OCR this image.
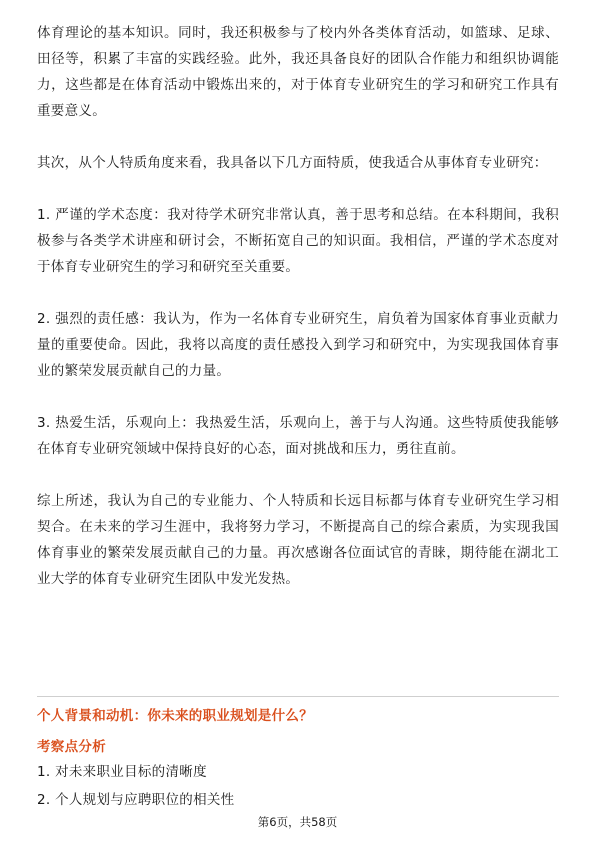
体育理论的基本知识。同时，我还积极参与了校内外各类体育活动，如篮球、足球、田径等，积累了丰富的实践经验。此外，我还具备良好的团队合作能力和组织协调能力，这些都是在体育活动中锻炼出来的，对于体育专业研究生的学习和研究工作具有重要意义。

其次，从个人特质角度来看，我具备以下几方面特质，使我适合从事体育专业研究：

1. 严谨的学术态度：我对待学术研究非常认真，善于思考和总结。在本科期间，我积极参与各类学术讲座和研讨会，不断拓宽自己的知识面。我相信，严谨的学术态度对于体育专业研究生的学习和研究至关重要。

2. 强烈的责任感：我认为，作为一名体育专业研究生，肩负着为国家体育事业贡献力量的重要使命。因此，我将以高度的责任感投入到学习和研究中，为实现我国体育事业的繁荣发展贡献自己的力量。

3. 热爱生活，乐观向上：我热爱生活，乐观向上，善于与人沟通。这些特质使我能够在体育专业研究领域中保持良好的心态，面对挑战和压力，勇往直前。

综上所述，我认为自己的专业能力、个人特质和长远目标都与体育专业研究生学习相契合。在未来的学习生涯中，我将努力学习，不断提高自己的综合素质，为实现我国体育事业的繁荣发展贡献自己的力量。再次感谢各位面试官的青睐，期待能在湖北工业大学的体育专业研究生团队中发光发热。

个人背景和动机：你未来的职业规划是什么？
考察点分析
1. 对未来职业目标的清晰度
2. 个人规划与应聘职位的相关性
第6页，共58页
